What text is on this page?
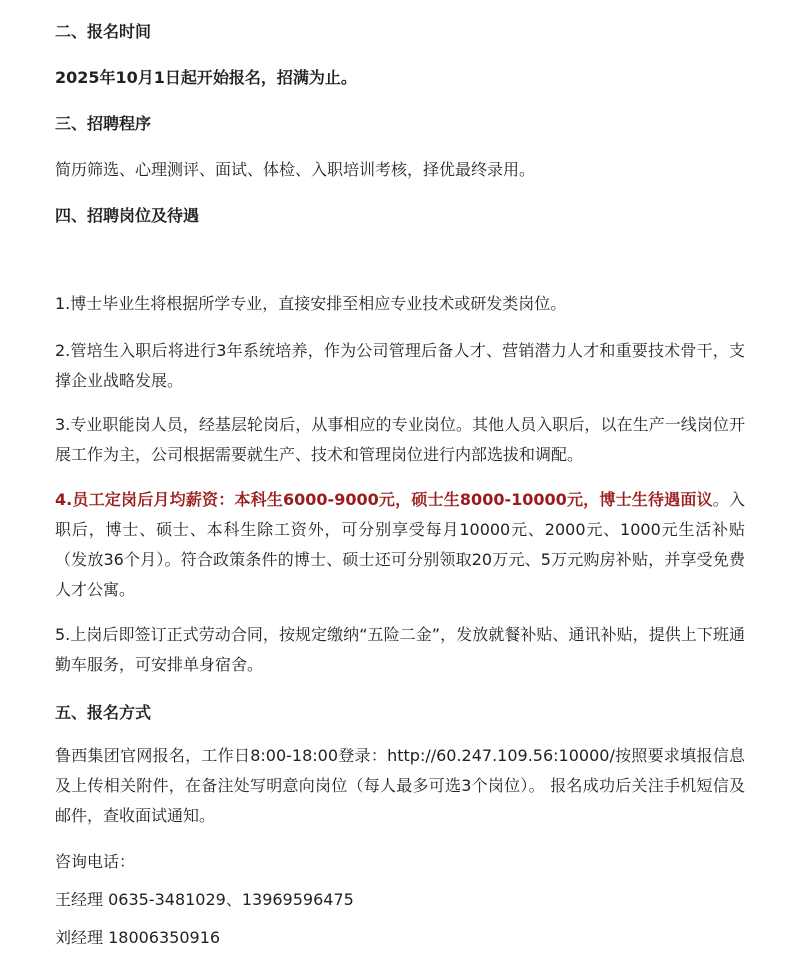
二、报名时间
2025年10月1日起开始报名，招满为止。
三、招聘程序
简历筛选、心理测评、面试、体检、入职培训考核，择优最终录用。
四、招聘岗位及待遇
1.博士毕业生将根据所学专业，直接安排至相应专业技术或研发类岗位。
2.管培生入职后将进行3年系统培养，作为公司管理后备人才、营销潜力人才和重要技术骨干，支撑企业战略发展。
3.专业职能岗人员，经基层轮岗后，从事相应的专业岗位。其他人员入职后，以在生产一线岗位开展工作为主，公司根据需要就生产、技术和管理岗位进行内部选拔和调配。
4.员工定岗后月均薪资：本科生6000-9000元，硕士生8000-10000元，博士生待遇面议。入职后，博士、硕士、本科生除工资外，可分别享受每月10000元、2000元、1000元生活补贴（发放36个月）。符合政策条件的博士、硕士还可分别领取20万元、5万元购房补贴，并享受免费人才公寓。
5.上岗后即签订正式劳动合同，按规定缴纳“五险二金”，发放就餐补贴、通讯补贴，提供上下班通勤车服务，可安排单身宿舍。
五、报名方式
鲁西集团官网报名，工作日8:00-18:00登录：http://60.247.109.56:10000/按照要求填报信息及上传相关附件，在备注处写明意向岗位（每人最多可选3个岗位）。 报名成功后关注手机短信及邮件，查收面试通知。
咨询电话：
王经理 0635-3481029、13969596475
刘经理 18006350916
